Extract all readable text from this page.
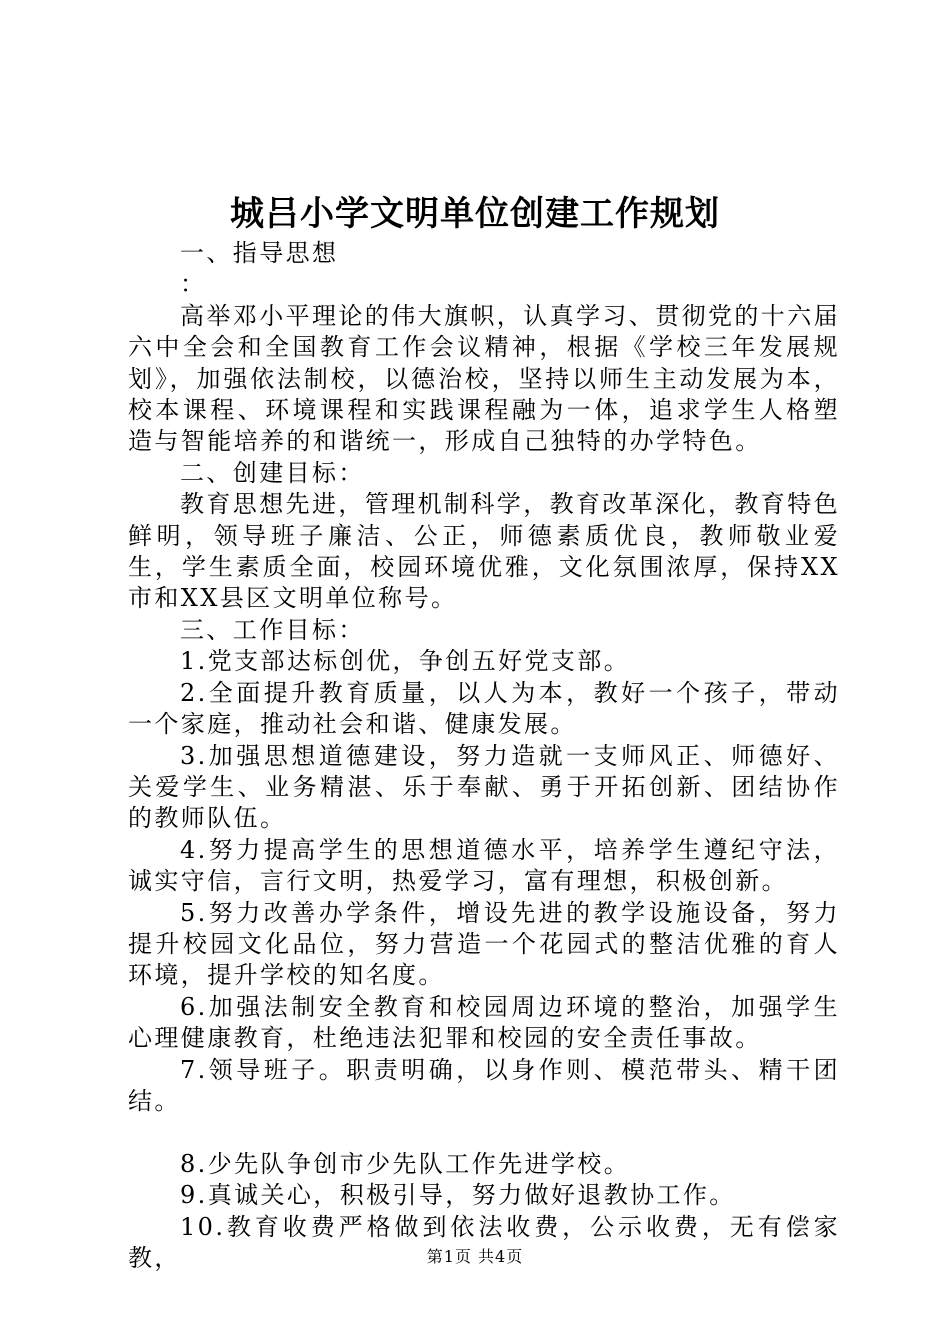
城吕小学文明单位创建工作规划

一、指导思想

：

高举邓小平理论的伟大旗帜，认真学习、贯彻党的十六届六中全会和全国教育工作会议精神，根据《学校三年发展规划》，加强依法制校，以德治校，坚持以师生主动发展为本，校本课程、环境课程和实践课程融为一体，追求学生人格塑造与智能培养的和谐统一，形成自己独特的办学特色。

二、创建目标：

教育思想先进，管理机制科学，教育改革深化，教育特色鲜明，领导班子廉洁、公正，师德素质优良，教师敬业爱生，学生素质全面，校园环境优雅，文化氛围浓厚，保持XX市和XX县区文明单位称号。

三、工作目标：

1.党支部达标创优，争创五好党支部。

2.全面提升教育质量，以人为本，教好一个孩子，带动一个家庭，推动社会和谐、健康发展。

3.加强思想道德建设，努力造就一支师风正、师德好、关爱学生、业务精湛、乐于奉献、勇于开拓创新、团结协作的教师队伍。

4.努力提高学生的思想道德水平，培养学生遵纪守法，诚实守信，言行文明，热爱学习，富有理想，积极创新。

5.努力改善办学条件，增设先进的教学设施设备，努力提升校园文化品位，努力营造一个花园式的整洁优雅的育人环境，提升学校的知名度。

6.加强法制安全教育和校园周边环境的整治，加强学生心理健康教育，杜绝违法犯罪和校园的安全责任事故。

7.领导班子。职责明确，以身作则、模范带头、精干团结。

8.少先队争创市少先队工作先进学校。

9.真诚关心，积极引导，努力做好退教协工作。

10.教育收费严格做到依法收费，公示收费，无有偿家教，	第1页 共4页
